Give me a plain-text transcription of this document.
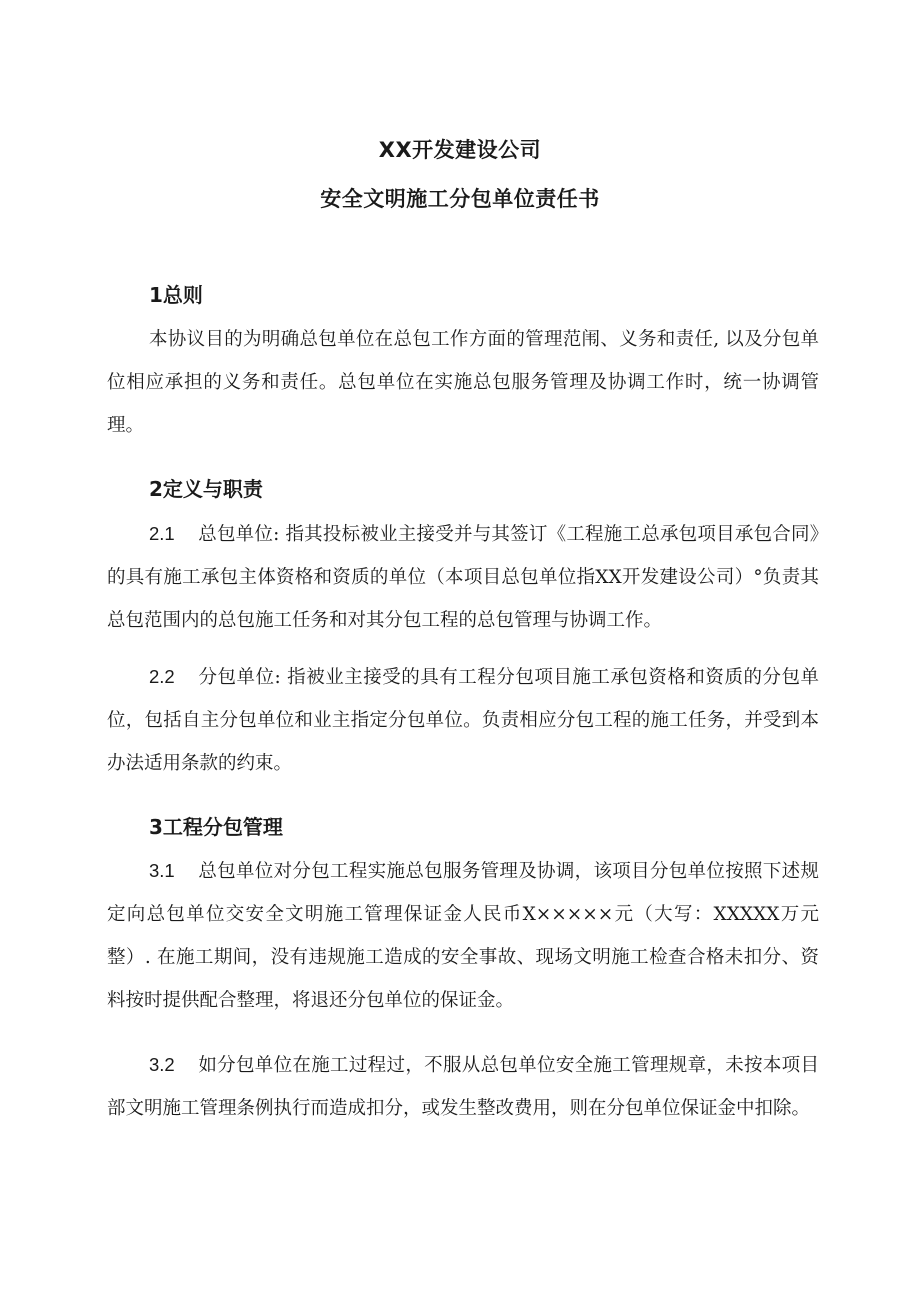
XX开发建设公司
安全文明施工分包单位责任书
1总则

本协议目的为明确总包单位在总包工作方面的管理范闱、义务和责任, 以及分包单位相应承担的义务和责任。总包单位在实施总包服务管理及协调工作时，统一协调管理。

2定义与职责

2.1 总包单位: 指其投标被业主接受并与其签订《工程施工总承包项目承包合同》的具有施工承包主体资格和资质的单位（本项目总包单位指XX开发建设公司）°负责其总包范围内的总包施工任务和对其分包工程的总包管理与协调工作。

2.2 分包单位: 指被业主接受的具有工程分包项目施工承包资格和资质的分包单位，包括自主分包单位和业主指定分包单位。负责相应分包工程的施工任务，并受到本办法适用条款的约束。

3工程分包管理

3.1 总包单位对分包工程实施总包服务管理及协调，该项目分包单位按照下述规定向总包单位交安全文明施工管理保证金人民币X×××××元（大写：XXXXX万元整）. 在施工期间，没有违规施工造成的安全事故、现场文明施工检查合格未扣分、资料按时提供配合整理，将退还分包单位的保证金。

3.2 如分包单位在施工过程过，不服从总包单位安全施工管理规章，未按本项目部文明施工管理条例执行而造成扣分，或发生整改费用，则在分包单位保证金中扣除。
